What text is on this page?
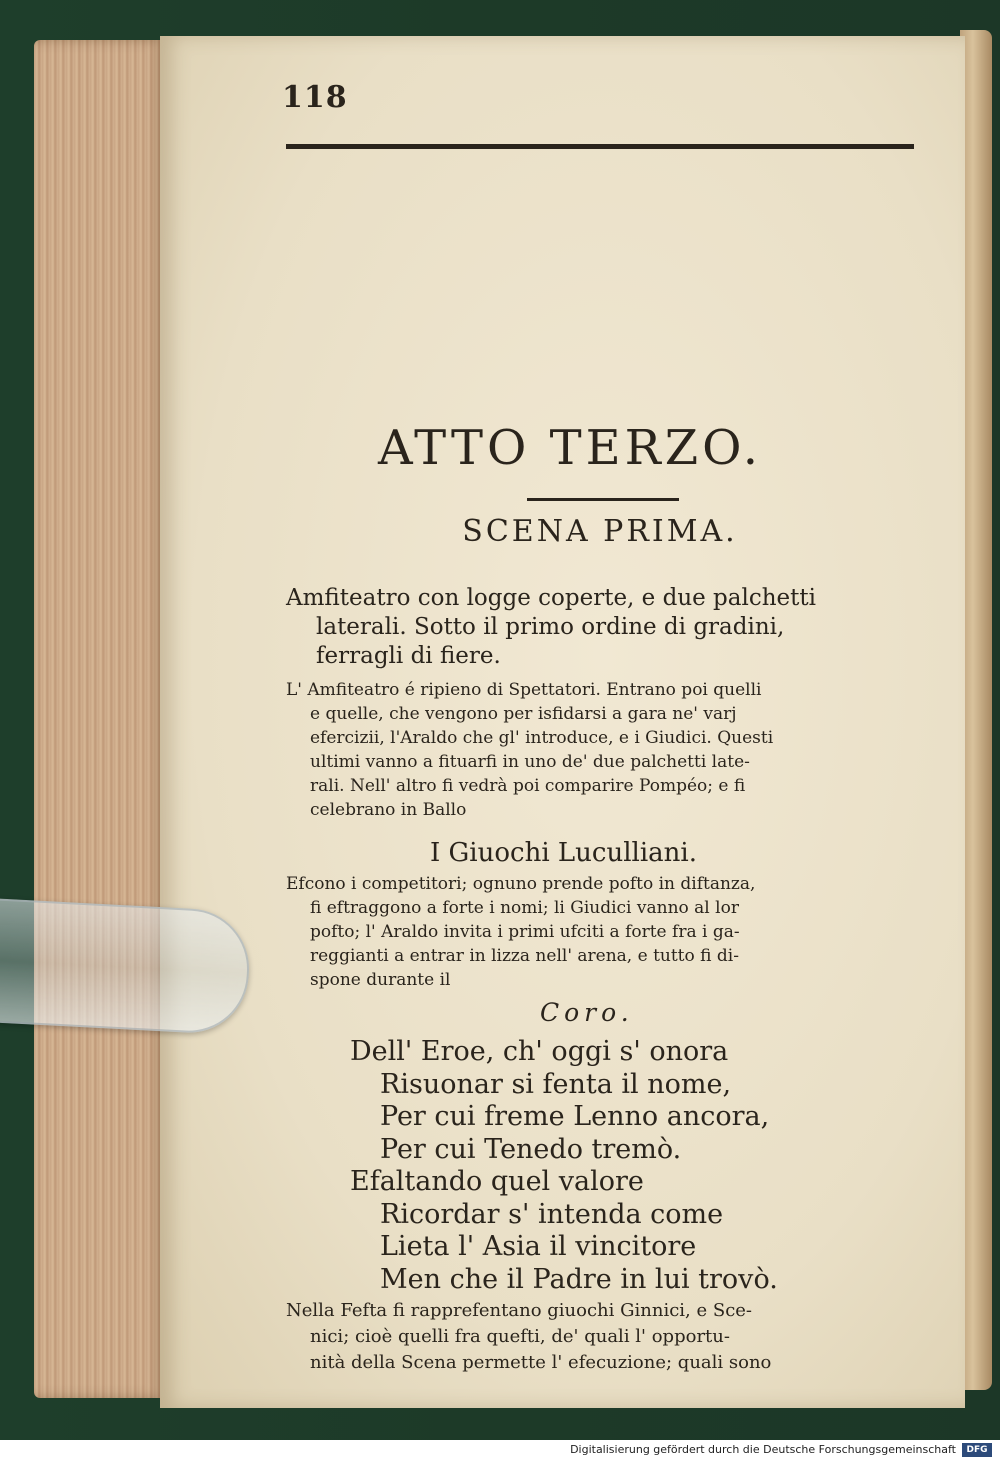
118
ATTO TERZO.
SCENA PRIMA.
Amfiteatro con logge coperte, e due palchetti
laterali. Sotto il primo ordine di gradini,
ferragli di fiere.
L' Amfiteatro é ripieno di Spettatori. Entrano poi quelli
e quelle, che vengono per isfidarsi a gara ne' varj
efercizii, l'Araldo che gl' introduce, e i Giudici. Questi
ultimi vanno a fituarfi in uno de' due palchetti late-
rali. Nell' altro fi vedrà poi comparire Pompéo; e fi
celebrano in Ballo
I Giuochi Luculliani.
Efcono i competitori; ognuno prende pofto in diftanza,
fi eftraggono a forte i nomi; li Giudici vanno al lor
pofto; l' Araldo invita i primi ufciti a forte fra i ga-
reggianti a entrar in lizza nell' arena, e tutto fi di-
spone durante il
Coro.
Dell' Eroe, ch' oggi s' onora
Risuonar si fenta il nome,
Per cui freme Lenno ancora,
Per cui Tenedo tremò.
Efaltando quel valore
Ricordar s' intenda come
Lieta l' Asia il vincitore
Men che il Padre in lui trovò.
Nella Fefta fi rapprefentano giuochi Ginnici, e Sce-
nici; cioè quelli fra quefti, de' quali l' opportu-
nità della Scena permette l' efecuzione; quali sono
Digitalisierung gefördert durch die Deutsche Forschungsgemeinschaft	DFG
